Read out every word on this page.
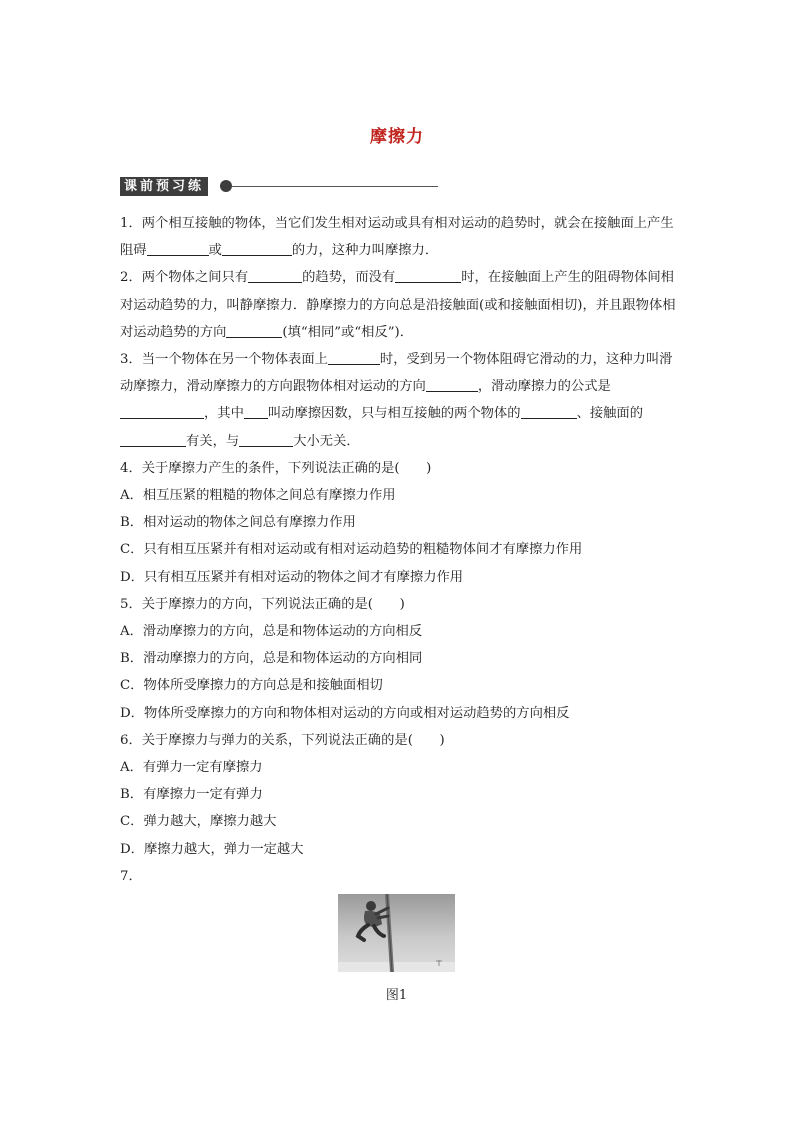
摩擦力
课前预习练

1．两个相互接触的物体，当它们发生相对运动或具有相对运动的趋势时，就会在接触面上产生阻碍	或	的力，这种力叫摩擦力．

2．两个物体之间只有	的趋势，而没有	时，在接触面上产生的阻碍物体间相对运动趋势的力，叫静摩擦力．静摩擦力的方向总是沿接触面(或和接触面相切)，并且跟物体相对运动趋势的方向	(填“相同”或“相反”)．

3．当一个物体在另一个物体表面上	时，受到另一个物体阻碍它滑动的力，这种力叫滑动摩擦力，滑动摩擦力的方向跟物体相对运动的方向	，滑动摩擦力的公式是，其中 叫动摩擦因数，只与相互接触的两个物体的	、接触面的有关，与	大小无关．

4．关于摩擦力产生的条件，下列说法正确的是(　　)

A．相互压紧的粗糙的物体之间总有摩擦力作用

B．相对运动的物体之间总有摩擦力作用

C．只有相互压紧并有相对运动或有相对运动趋势的粗糙物体间才有摩擦力作用

D．只有相互压紧并有相对运动的物体之间才有摩擦力作用

5．关于摩擦力的方向，下列说法正确的是(　　)

A．滑动摩擦力的方向，总是和物体运动的方向相反

B．滑动摩擦力的方向，总是和物体运动的方向相同

C．物体所受摩擦力的方向总是和接触面相切

D．物体所受摩擦力的方向和物体相对运动的方向或相对运动趋势的方向相反

6．关于摩擦力与弹力的关系，下列说法正确的是(　　)

A．有弹力一定有摩擦力

B．有摩擦力一定有弹力

C．弹力越大，摩擦力越大

D．摩擦力越大，弹力一定越大

7．

图1
